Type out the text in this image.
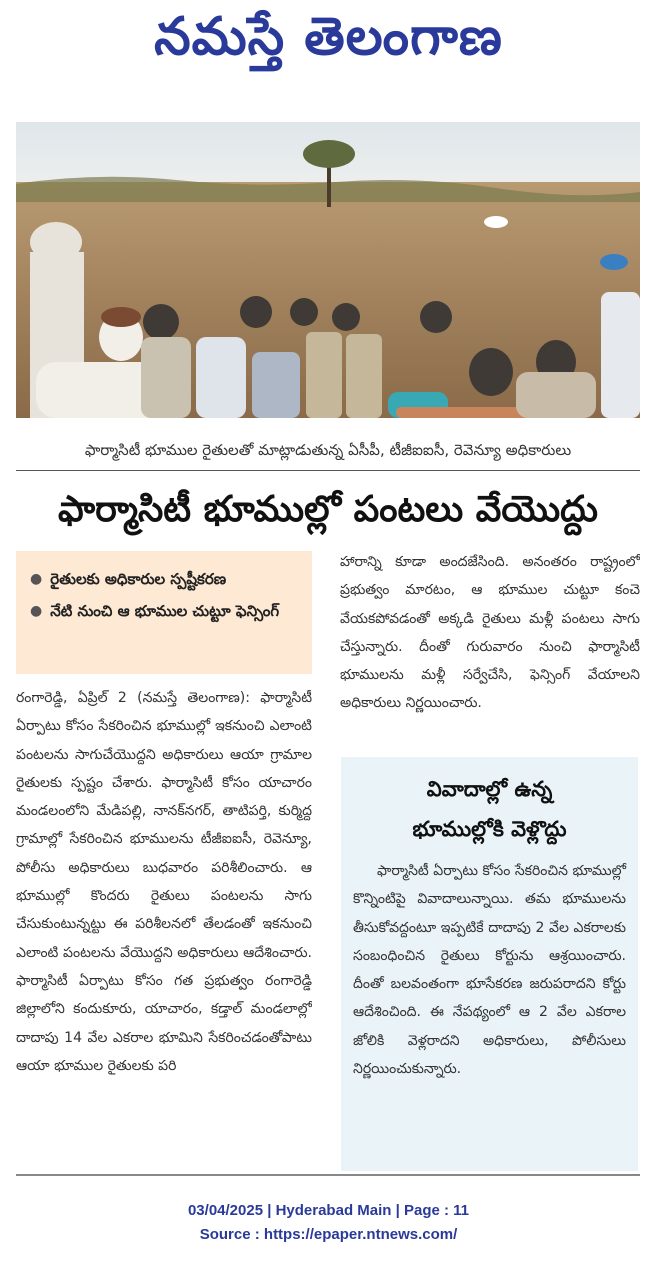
నమస్తే తెలంగాణ
ఫార్మాసిటీ భూముల రైతులతో మాట్లాడుతున్న ఏసీపీ, టీజీఐఐసీ, రెవెన్యూ అధికారులు
ఫార్మాసిటీ భూముల్లో పంటలు వేయొద్దు
● రైతులకు అధికారుల స్పష్టీకరణ
● నేటి నుంచి ఆ భూముల చుట్టూ ఫెన్సింగ్

రంగారెడ్డి, ఏప్రిల్ 2 (నమస్తే తెలంగాణ): ఫార్మాసిటీ ఏర్పాటు కోసం సేకరించిన భూముల్లో ఇకనుంచి ఎలాంటి పంటలను సాగుచేయొద్దని అధికారులు ఆయా గ్రామాల రైతులకు స్పష్టం చేశారు. ఫార్మాసిటీ కోసం యాచారం మండలంలోని మేడిపల్లి, నానక్‌నగర్, తాటిపర్తి, కుర్మిద్ద గ్రామాల్లో సేకరించిన భూములను టీజీఐఐసీ, రెవెన్యూ, పోలీసు అధికారులు బుధవారం పరిశీలించారు. ఆ భూముల్లో కొందరు రైతులు పంటలను సాగు చేసుకుంటున్నట్టు ఈ పరిశీలనలో తేలడంతో ఇకనుంచి ఎలాంటి పంటలను వేయొద్దని అధికారులు ఆదేశించారు. ఫార్మాసిటీ ఏర్పాటు కోసం గత ప్రభుత్వం రంగారెడ్డి జిల్లాలోని కందుకూరు, యాచారం, కడ్తాల్ మండలాల్లో దాదాపు 14 వేల ఎకరాల భూమిని సేకరించడంతోపాటు ఆయా భూముల రైతులకు పరి

హారాన్ని కూడా అందజేసింది. అనంతరం రాష్ట్రంలో ప్రభుత్వం మారటం, ఆ భూముల చుట్టూ కంచె వేయకపోవడంతో అక్కడి రైతులు మళ్లీ పంటలు సాగు చేస్తున్నారు. దీంతో గురువారం నుంచి ఫార్మాసిటీ భూములను మళ్లీ సర్వేచేసి, ఫెన్సింగ్ వేయాలని అధికారులు నిర్ణయించారు.

వివాదాల్లో ఉన్న
భూముల్లోకి వెళ్లొద్దు

ఫార్మాసిటీ ఏర్పాటు కోసం సేకరించిన భూముల్లో కొన్నింటిపై వివాదాలున్నాయి. తమ భూములను తీసుకోవద్దంటూ ఇప్పటికే దాదాపు 2 వేల ఎకరాలకు సంబంధించిన రైతులు కోర్టును ఆశ్రయించారు. దీంతో బలవంతంగా భూసేకరణ జరుపరాదని కోర్టు ఆదేశించింది. ఈ నేపథ్యంలో ఆ 2 వేల ఎకరాల జోలికి వెళ్లరాదని అధికారులు, పోలీసులు నిర్ణయించుకున్నారు.

03/04/2025 | Hyderabad Main | Page : 11
Source : https://epaper.ntnews.com/
